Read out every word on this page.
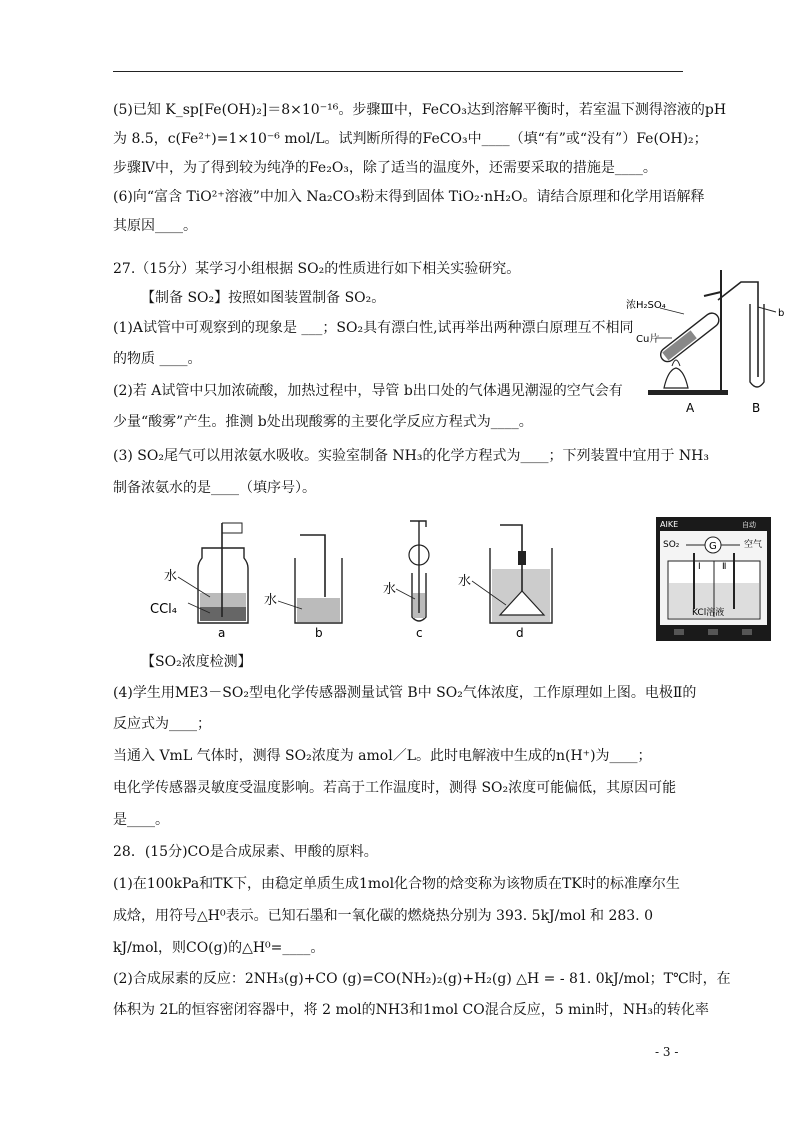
(5)已知 K_sp[Fe(OH)₂]＝8×10⁻¹⁶。步骤Ⅲ中，FeCO₃达到溶解平衡时，若室温下测得溶液的pH
为 8.5，c(Fe²⁺)=1×10⁻⁶ mol/L。试判断所得的FeCO₃中____（填“有”或“没有”）Fe(OH)₂；
步骤Ⅳ中，为了得到较为纯净的Fe₂O₃，除了适当的温度外，还需要采取的措施是____。
(6)向“富含 TiO²⁺溶液”中加入 Na₂CO₃粉末得到固体 TiO₂·nH₂O。请结合原理和化学用语解释
其原因____。
27.（15分）某学习小组根据 SO₂的性质进行如下相关实验研究。
【制备 SO₂】按照如图装置制备 SO₂。
(1)A试管中可观察到的现象是 ___；SO₂具有漂白性,试再举出两种漂白原理互不相同
的物质 ____。
(2)若 A试管中只加浓硫酸，加热过程中，导管 b出口处的气体遇见潮湿的空气会有
少量“酸雾”产生。推测 b处出现酸雾的主要化学反应方程式为____。
(3) SO₂尾气可以用浓氨水吸收。实验室制备 NH₃的化学方程式为____；下列装置中宜用于 NH₃
制备浓氨水的是____（填序号）。
【SO₂浓度检测】
(4)学生用ME3－SO₂型电化学传感器测量试管 B中 SO₂气体浓度，工作原理如上图。电极Ⅱ的
反应式为____；
当通入 VmL 气体时，测得 SO₂浓度为 amol／L。此时电解液中生成的n(H⁺)为____；
电化学传感器灵敏度受温度影响。若高于工作温度时，测得 SO₂浓度可能偏低，其原因可能
是____。
28．(15分)CO是合成尿素、甲酸的原料。
(1)在100kPa和TK下，由稳定单质生成1mol化合物的焓变称为该物质在TK时的标准摩尔生
成焓，用符号△H⁰表示。已知石墨和一氧化碳的燃烧热分别为 393. 5kJ/mol 和 283. 0
kJ/mol，则CO(g)的△H⁰=____。
(2)合成尿素的反应：2NH₃(g)+CO (g)=CO(NH₂)₂(g)+H₂(g) △H = - 81. 0kJ/mol；T℃时，在
体积为 2L的恒容密闭容器中，将 2 mol的NH3和1mol CO混合反应，5 min时，NH₃的转化率
浓H₂SO₄
Cu片
b
A	B
水
CCl₄
a
水
b
水
c
水
d
AIKE	自动
G
SO₂	空气
Ⅰ Ⅱ
KCl溶液
- 3 -
